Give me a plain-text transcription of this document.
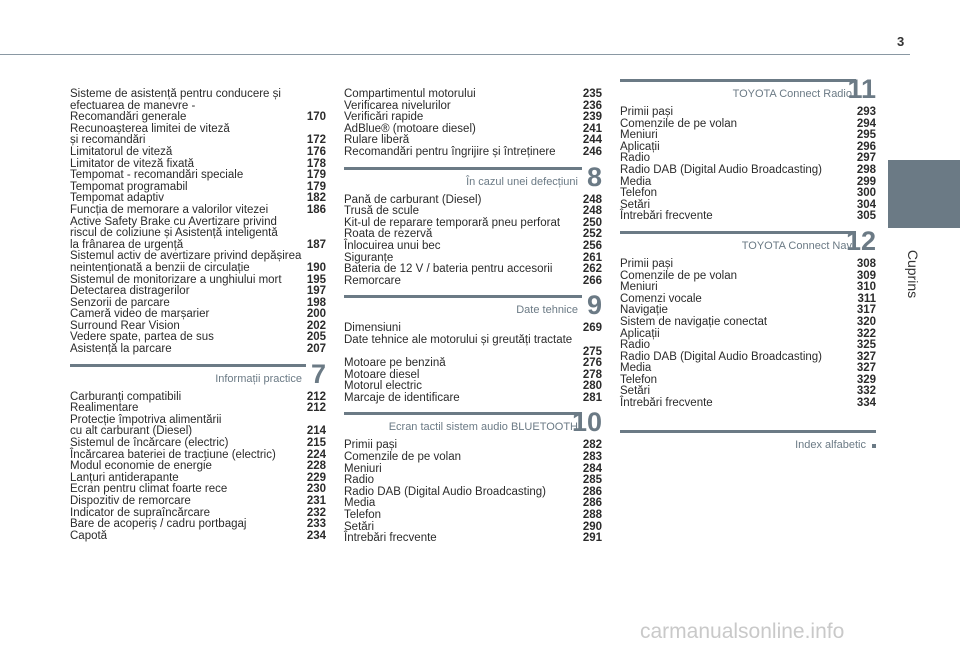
3
Cuprins
Sisteme de asistență pentru conducere și
efectuarea de manevre -
Recomandări generale	170
Recunoașterea limitei de viteză
și recomandări	172
Limitatorul de viteză	176
Limitator de viteză fixată	178
Tempomat - recomandări speciale	179
Tempomat programabil	179
Tempomat adaptiv	182
Funcția de memorare a valorilor vitezei	186
Active Safety Brake cu Avertizare privind
riscul de coliziune și Asistență inteligentă
la frânarea de urgență	187
Sistemul activ de avertizare privind depășirea
neintenționată a benzii de circulație	190
Sistemul de monitorizare a unghiului mort	195
Detectarea distragerilor	197
Senzorii de parcare	198
Cameră video de marșarier	200
Surround Rear Vision	202
Vedere spate, partea de sus	205
Asistență la parcare	207
Informații practice 7
Carburanți compatibili	212
Realimentare	212
Protecție împotriva alimentării
cu alt carburant (Diesel)	214
Sistemul de încărcare (electric)	215
Încărcarea bateriei de tracțiune (electric)	224
Modul economie de energie	228
Lanțuri antiderapante	229
Ecran pentru climat foarte rece	230
Dispozitiv de remorcare	231
Indicator de supraîncărcare	232
Bare de acoperiș / cadru portbagaj	233
Capotă	234
Compartimentul motorului	235
Verificarea nivelurilor	236
Verificări rapide	239
AdBlue® (motoare diesel)	241
Rulare liberă	244
Recomandări pentru îngrijire și întreținere	246
În cazul unei defecțiuni 8
Pană de carburant (Diesel)	248
Trusă de scule	248
Kit-ul de reparare temporară pneu perforat	250
Roata de rezervă	252
Înlocuirea unui bec	256
Siguranțe	261
Bateria de 12 V / bateria pentru accesorii	262
Remorcare	266
Date tehnice 9
Dimensiuni	269
Date tehnice ale motorului și greutăți tractate
275
Motoare pe benzină	276
Motoare diesel	278
Motorul electric	280
Marcaje de identificare	281
Ecran tactil sistem audio BLUETOOTH
10
Primii pași	282
Comenzile de pe volan	283
Meniuri	284
Radio	285
Radio DAB (Digital Audio Broadcasting)	286
Media	286
Telefon	288
Setări	290
Întrebări frecvente	291
TOYOTA Connect Radio
11
Primii pași	293
Comenzile de pe volan	294
Meniuri	295
Aplicații	296
Radio	297
Radio DAB (Digital Audio Broadcasting)	298
Media	299
Telefon	300
Setări	304
Întrebări frecvente	305
TOYOTA Connect Nav
12
Primii pași	308
Comenzile de pe volan	309
Meniuri	310
Comenzi vocale	311
Navigație	317
Sistem de navigație conectat	320
Aplicații	322
Radio	325
Radio DAB (Digital Audio Broadcasting)	327
Media	327
Telefon	329
Setări	332
Întrebări frecvente	334
Index alfabetic
carmanualsonline.info
